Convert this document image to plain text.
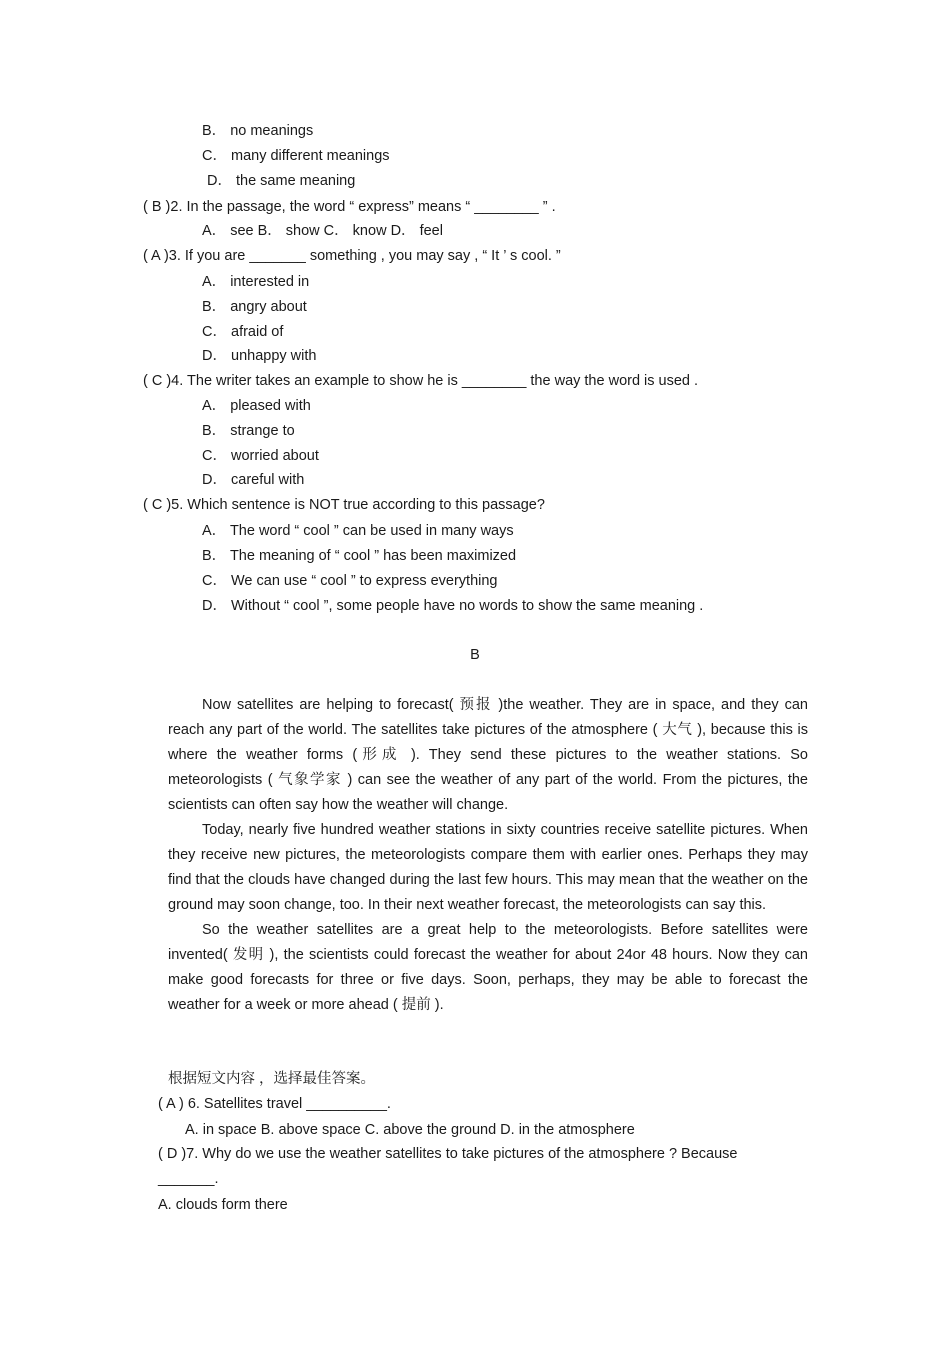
B． no meanings
C． many different meanings
D． the same meaning
( B )2. In the passage, the word “ express” means “ ________ ” .
A． see B． show C． know D． feel
( A )3. If you are _______ something , you may say , “ It ’ s cool. ”
A． interested in
B． angry about
C． afraid of
D． unhappy with
( C )4. The writer takes an example to show he is ________ the way the word is used .
A． pleased with
B． strange to
C． worried about
D． careful with
( C )5. Which sentence is NOT true according to this passage?
A． The word “ cool ” can be used in many ways
B． The meaning of “ cool ” has been maximized
C． We can use “ cool ” to express everything
D． Without “ cool ”, some people have no words to show the same meaning .
B

Now satellites are helping to forecast( 预报 )the weather. They are in space, and they can reach any part of the world. The satellites take pictures of the atmosphere ( 大气 ), because this is where the weather forms (形成 ). They send these pictures to the weather stations. So meteorologists ( 气象学家 ) can see the weather of any part of the world. From the pictures, the scientists can often say how the weather will change.

Today, nearly five hundred weather stations in sixty countries receive satellite pictures. When they receive new pictures, the meteorologists compare them with earlier ones. Perhaps they may find that the clouds have changed during the last few hours. This may mean that the weather on the ground may soon change, too. In their next weather forecast, the meteorologists can say this.

So the weather satellites are a great help to the meteorologists. Before satellites were invented( 发明 ), the scientists could forecast the weather for about 24or 48 hours. Now they can make good forecasts for three or five days. Soon, perhaps, they may be able to forecast the weather for a week or more ahead ( 提前 ).

根据短文内容 ，选择最佳答案。
( A ) 6. Satellites travel __________.
A. in space B. above space C. above the ground D. in the atmosphere
( D )7. Why do we use the weather satellites to take pictures of the atmosphere ? Because
_______.
A. clouds form there
